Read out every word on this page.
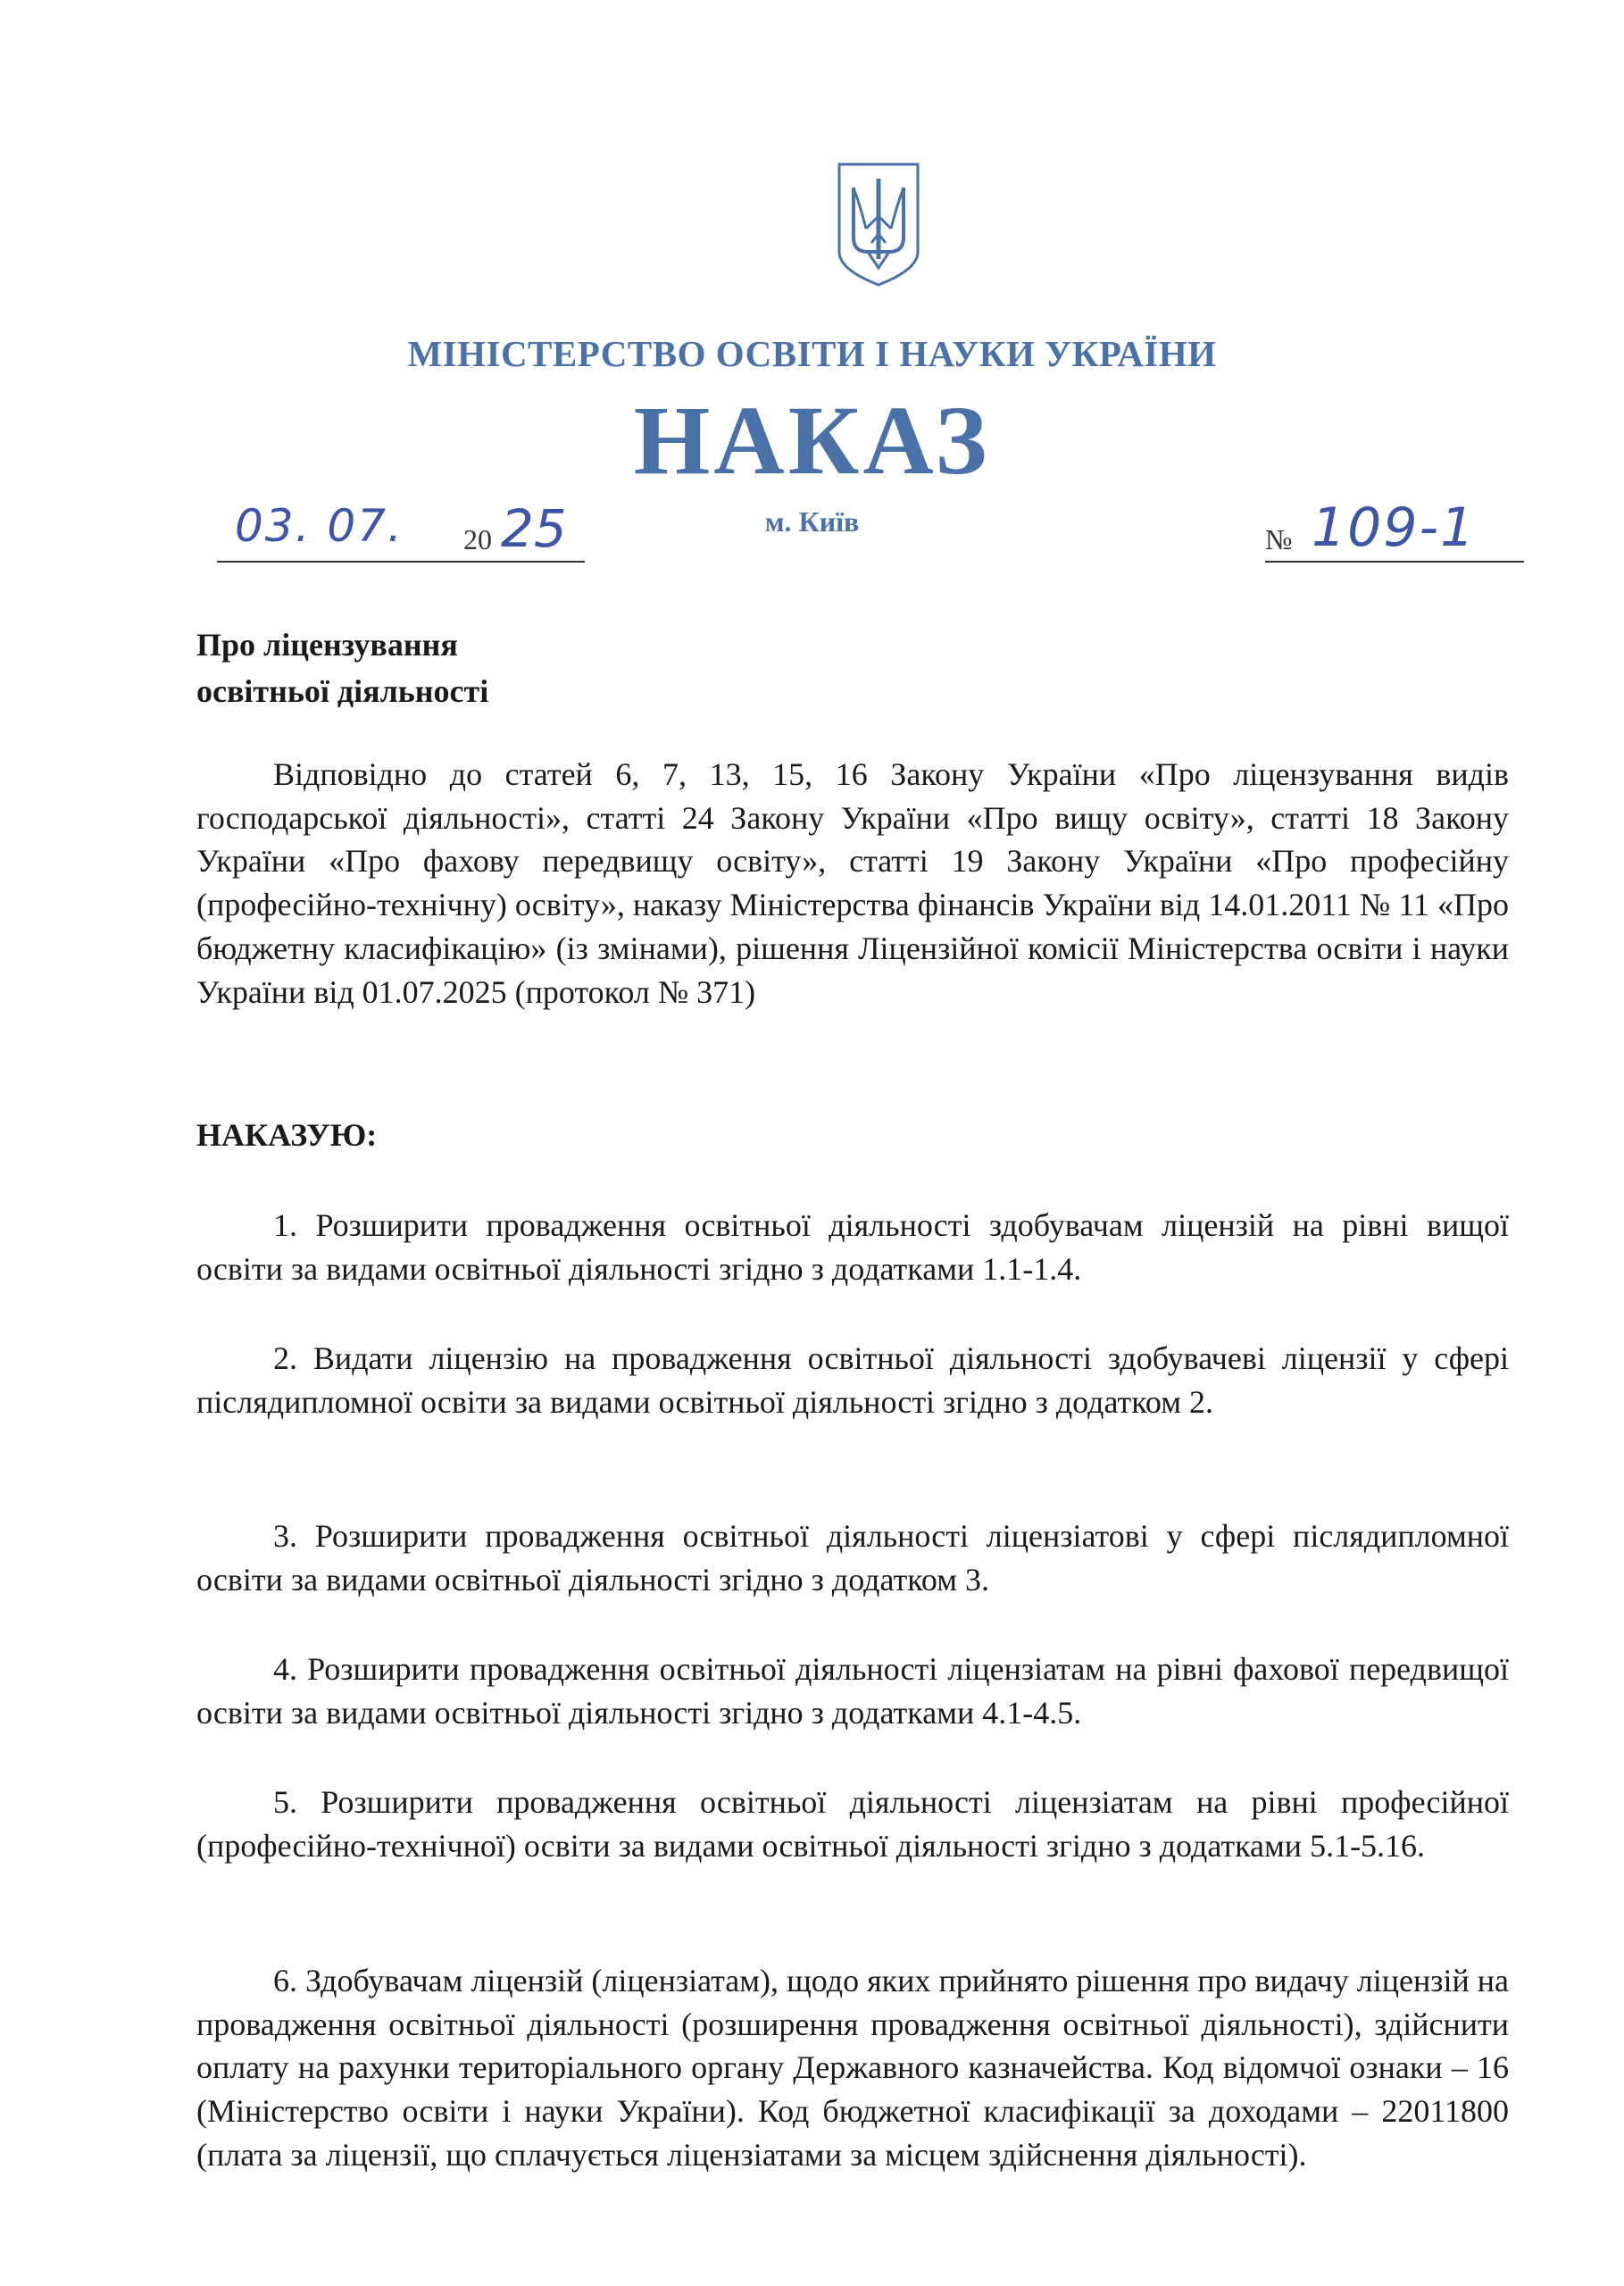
МІНІСТЕРСТВО ОСВІТИ І НАУКИ УКРАЇНИ
НАКАЗ
03. 07. 20 25	м. Київ
№ 109-1
Про ліцензування
освітньої діяльності

Відповідно до статей 6, 7, 13, 15, 16 Закону України «Про ліцензування видів господарської діяльності», статті 24 Закону України «Про вищу освіту», статті 18 Закону України «Про фахову передвищу освіту», статті 19 Закону України «Про професійну (професійно-технічну) освіту», наказу Міністерства фінансів України від 14.01.2011 № 11 «Про бюджетну класифікацію» (із змінами), рішення Ліцензійної комісії Міністерства освіти і науки України від 01.07.2025 (протокол № 371)

НАКАЗУЮ:

1. Розширити провадження освітньої діяльності здобувачам ліцензій на рівні вищої освіти за видами освітньої діяльності згідно з додатками 1.1-1.4.

2. Видати ліцензію на провадження освітньої діяльності здобувачеві ліцензії у сфері післядипломної освіти за видами освітньої діяльності згідно з додатком 2.

3. Розширити провадження освітньої діяльності ліцензіатові у сфері післядипломної освіти за видами освітньої діяльності згідно з додатком 3.

4. Розширити провадження освітньої діяльності ліцензіатам на рівні фахової передвищої освіти за видами освітньої діяльності згідно з додатками 4.1-4.5.

5. Розширити провадження освітньої діяльності ліцензіатам на рівні професійної (професійно-технічної) освіти за видами освітньої діяльності згідно з додатками 5.1-5.16.

6. Здобувачам ліцензій (ліцензіатам), щодо яких прийнято рішення про видачу ліцензій на провадження освітньої діяльності (розширення провадження освітньої діяльності), здійснити оплату на рахунки територіального органу Державного казначейства. Код відомчої ознаки – 16 (Міністерство освіти і науки України). Код бюджетної класифікації за доходами – 22011800 (плата за ліцензії, що сплачується ліцензіатами за місцем здійснення діяльності).
